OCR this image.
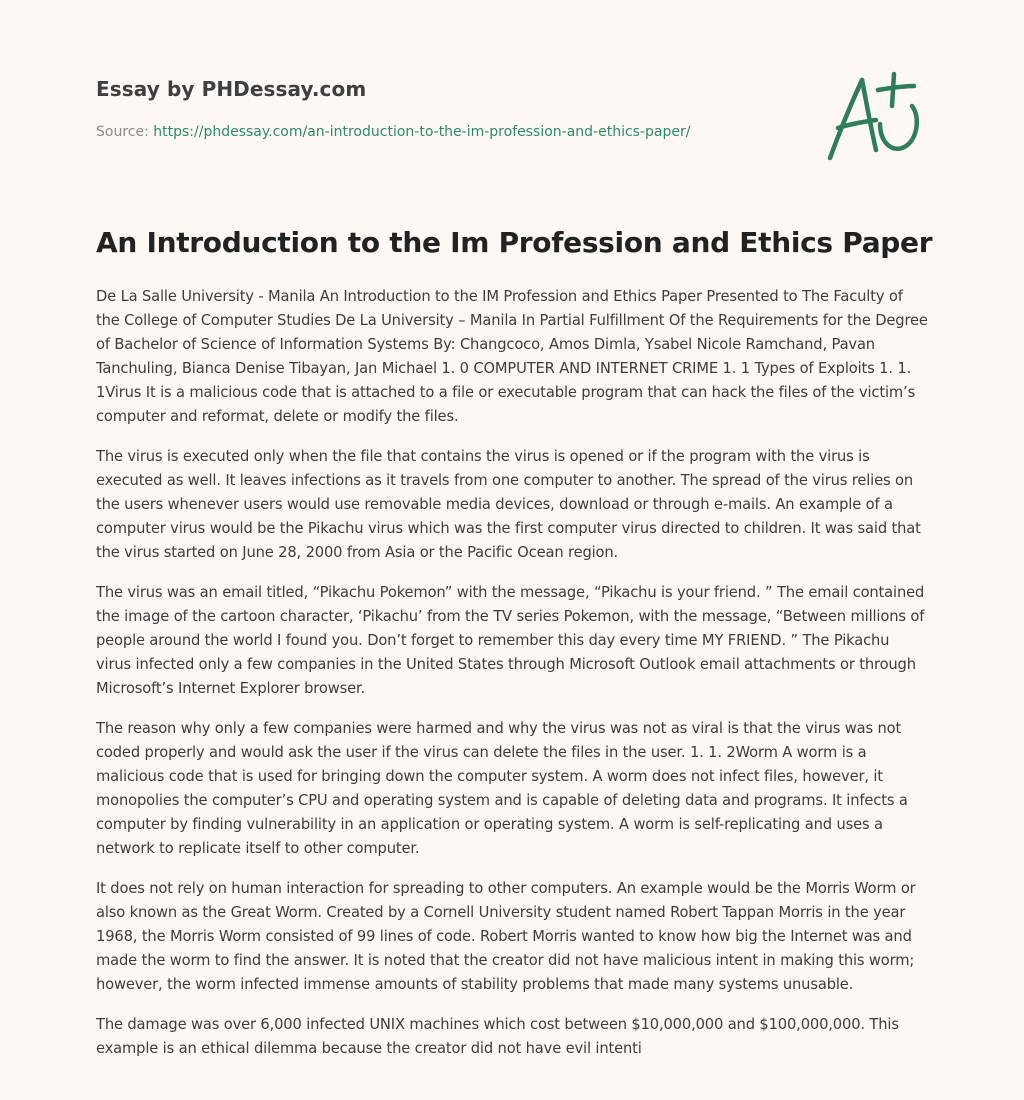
Essay by PHDessay.com
Source: https://phdessay.com/an-introduction-to-the-im-profession-and-ethics-paper/
An Introduction to the Im Profession and Ethics Paper

De La Salle University - Manila An Introduction to the IM Profession and Ethics Paper Presented to The Faculty of the College of Computer Studies De La University – Manila In Partial Fulfillment Of the Requirements for the Degree of Bachelor of Science of Information Systems By: Changcoco, Amos Dimla, Ysabel Nicole Ramchand, Pavan Tanchuling, Bianca Denise Tibayan, Jan Michael 1. 0 COMPUTER AND INTERNET CRIME 1. 1 Types of Exploits 1. 1. 1Virus It is a malicious code that is attached to a file or executable program that can hack the files of the victim’s computer and reformat, delete or modify the files.

The virus is executed only when the file that contains the virus is opened or if the program with the virus is executed as well. It leaves infections as it travels from one computer to another. The spread of the virus relies on the users whenever users would use removable media devices, download or through e-mails. An example of a computer virus would be the Pikachu virus which was the first computer virus directed to children. It was said that the virus started on June 28, 2000 from Asia or the Pacific Ocean region.

The virus was an email titled, “Pikachu Pokemon” with the message, “Pikachu is your friend. ” The email contained the image of the cartoon character, ‘Pikachu’ from the TV series Pokemon, with the message, “Between millions of people around the world I found you. Don’t forget to remember this day every time MY FRIEND. ” The Pikachu virus infected only a few companies in the United States through Microsoft Outlook email attachments or through Microsoft’s Internet Explorer browser.

The reason why only a few companies were harmed and why the virus was not as viral is that the virus was not coded properly and would ask the user if the virus can delete the files in the user. 1. 1. 2Worm A worm is a malicious code that is used for bringing down the computer system. A worm does not infect files, however, it monopolies the computer’s CPU and operating system and is capable of deleting data and programs. It infects a computer by finding vulnerability in an application or operating system. A worm is self-replicating and uses a network to replicate itself to other computer.

It does not rely on human interaction for spreading to other computers. An example would be the Morris Worm or also known as the Great Worm. Created by a Cornell University student named Robert Tappan Morris in the year 1968, the Morris Worm consisted of 99 lines of code. Robert Morris wanted to know how big the Internet was and made the worm to find the answer. It is noted that the creator did not have malicious intent in making this worm; however, the worm infected immense amounts of stability problems that made many systems unusable.

The damage was over 6,000 infected UNIX machines which cost between $10,000,000 and $100,000,000. This example is an ethical dilemma because the creator did not have evil intenti
